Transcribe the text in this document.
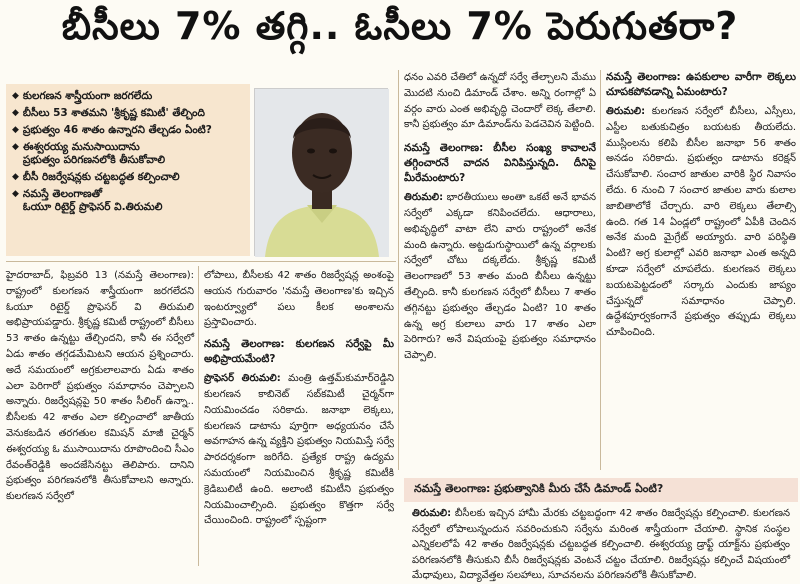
బీసీలు 7% తగ్గి.. ఓసీలు 7% పెరుగుతరా?
◆ కులగణన శాస్త్రీయంగా జరగలేదు
◆ బీసీలు 53 శాతమని 'శ్రీకృష్ణ కమిటీ' తేల్చింది
◆ ప్రభుత్వం 46 శాతం ఉన్నారని తేల్చడం ఏంటి?
◆ ఈశ్వరయ్య మనుసాయిదాను
ప్రభుత్వం పరిగణనలోకి తీసుకోవాలి
◆ బీసీ రిజర్వేషన్లకు చట్టబద్ధత కల్పించాలి
◆ నమస్తే తెలంగాణతో
ఓయూ రిటైర్డ్ ప్రొఫెసర్ వి.తిరుమలి

హైదరాబాద్, ఫిబ్రవరి 13 (నమస్తే తెలంగాణ): రాష్ట్రంలో కులగణన శాస్త్రీయంగా జరగలేదని ఓయూ రిటైర్డ్ ప్రొఫెసర్ వి తిరుమలి అభిప్రాయపడ్డారు. శ్రీకృష్ణ కమిటీ రాష్ట్రంలో బీసీలు 53 శాతం ఉన్నట్టు తేల్చిందని, కానీ ఈ సర్వేలో ఏడు శాతం తగ్గడమేమిటని ఆయన ప్రశ్నించారు. అదే సమయంలో అగ్రకులాలవారు ఏడు శాతం ఎలా పెరిగారో ప్రభుత్వం సమాధానం చెప్పాలని అన్నారు. రిజర్వేషన్లపై 50 శాతం సీలింగ్ ఉన్నా.. బీసీలకు 42 శాతం ఎలా కల్పించాలో జాతీయ వెనుకబడిన తరగతుల కమిషన్ మాజీ చైర్మన్ ఈశ్వరయ్య ఓ ముసాయిదాను రూపొందించి సీఎం రేవంత్‌రెడ్డికి అందజేసినట్టు తెలిపారు. దానిని ప్రభుత్వం పరిగణనలోకి తీసుకోవాలని అన్నారు. కులగణన సర్వేలో

లోపాలు, బీసీలకు 42 శాతం రిజర్వేషన్ల అంశంపై ఆయన గురువారం 'నమస్తే తెలంగాణ'కు ఇచ్చిన ఇంటర్వ్యూలో పలు కీలక అంశాలను ప్రస్తావించారు.

నమస్తే తెలంగాణ: కులగణన సర్వేపై మీ అభిప్రాయమేంటి?

ప్రొఫెసర్ తిరుమలి: మంత్రి ఉత్తమ్‌కుమార్‌రెడ్డిని కులగణన కాబినెట్ సబ్‌కమిటీ చైర్మన్‌గా నియమించడం సరికాదు. జనాభా లెక్కలు, కులగణన డాటాను పూర్తిగా అధ్యయనం చేసే అవగాహన ఉన్న వ్యక్తిని ప్రభుత్వం నియమిస్తే సర్వే పారదర్శకంగా జరిగేది. ప్రత్యేక రాష్ట్ర ఉద్యమ సమయంలో నియమించిన శ్రీకృష్ణ కమిటీకి క్రెడిబులిటీ ఉంది. అలాంటి కమిటీని ప్రభుత్వం నియమించాల్సింది. ప్రభుత్వం కొత్తగా సర్వే చేయించింది. రాష్ట్రంలో స్పష్టంగా

ధనం ఎవరి చేతిలో ఉన్నదో సర్వే తేల్చాలని మేము మొదటి నుంచి డిమాండ్ చేశాం. అన్ని రంగాల్లో ఏ వర్గం వారు ఎంత అభివృద్ధి చెందారో లెక్క తేలాలి. కానీ ప్రభుత్వం మా డిమాండ్‌ను పెడచెవిన పెట్టింది.

నమస్తే తెలంగాణ: బీసీల సంఖ్య కావాలనే తగ్గించారనే వాదన వినిపిస్తున్నది. దీనిపై మీరేమంటారు?

తిరుమలి: భారతీయులు అంతా ఒకటే అనే భావన సర్వేలో ఎక్కడా కనిపించలేదు. ఆధారాలు, అభివృద్ధిలో వాటా లేని వారు రాష్ట్రంలో అనేక మంది ఉన్నారు. అట్టడుగుస్థాయిలో ఉన్న వర్గాలకు సర్వేలో చోటు దక్కలేదు. శ్రీకృష్ణ కమిటీ తెలంగాణలో 53 శాతం మంది బీసీలు ఉన్నట్టు తేల్చింది. కానీ కులగణన సర్వేలో బీసీలు 7 శాతం తగ్గినట్టు ప్రభుత్వం తేల్చడం ఏంటి? 10 శాతం ఉన్న అగ్ర కులాలు వారు 17 శాతం ఎలా పెరిగారు? అనే విషయంపై ప్రభుత్వం సమాధానం చెప్పాలి.

నమస్తే తెలంగాణ: ఉపకులాల వారీగా లెక్కలు చూపకపోవడాన్ని ఏమంటారు?

తిరుమలి: కులగణన సర్వేలో బీసీలు, ఎస్సీలు, ఎస్టీల బతుకుచిత్రం బయటకు తీయలేదు. ముస్లింలను కలిపి బీసీల జనాభా 56 శాతం అనడం సరికాదు. ప్రభుత్వం డాటాను కరెక్షన్ చేసుకోవాలి. సంచార జాతుల వారికి స్థిర నివాసం లేదు. 6 నుంచి 7 సంచార జాతుల వారు కులాల జాబితాలోకే చేర్చారు. వారి లెక్కలు తేలాల్సి ఉంది. గత 14 ఏండ్లలో రాష్ట్రంలో ఏపీకి చెందిన అనేక మంది మైగ్రేట్ అయ్యారు. వారి పరిస్థితి ఏంటి? అగ్ర కులాల్లో ఎవరి జనాభా ఎంత అన్నది కూడా సర్వేలో చూపలేదు. కులగణన లెక్కలు బయటపెట్టడంలో సర్కారు ఎందుకు జాప్యం చేస్తున్నదో సమాధానం చెప్పాలి. ఉద్దేశపూర్వకంగానే ప్రభుత్వం తప్పుడు లెక్కలు చూపించింది.

నమస్తే తెలంగాణ: ప్రభుత్వానికి మీరు చేసే డిమాండ్ ఏంటి?
తిరుమలి: బీసీలకు ఇచ్చిన హామీ మేరకు చట్టబద్ధంగా 42 శాతం రిజర్వేషన్లు కల్పించాలి. కులగణన సర్వేలో లోపాలున్నందున సవరించుకుని సర్వేను మరింత శాస్త్రీయంగా చేయాలి. స్థానిక సంస్థల ఎన్నికలలోపే 42 శాతం రిజర్వేషన్లకు చట్టబద్ధత కల్పించాలి. ఈశ్వరయ్య డ్రాఫ్ట్ యాక్ట్‌ను ప్రభుత్వం పరిగణనలోకి తీసుకుని బీసీ రిజర్వేషన్లకు వెంటనే చట్టం చేయాలి. రిజర్వేషన్లు కల్పించే విషయంలో మేధావులు, విద్యావేత్తల సలహాలు, సూచనలను పరిగణనలోకి తీసుకోవాలి.
